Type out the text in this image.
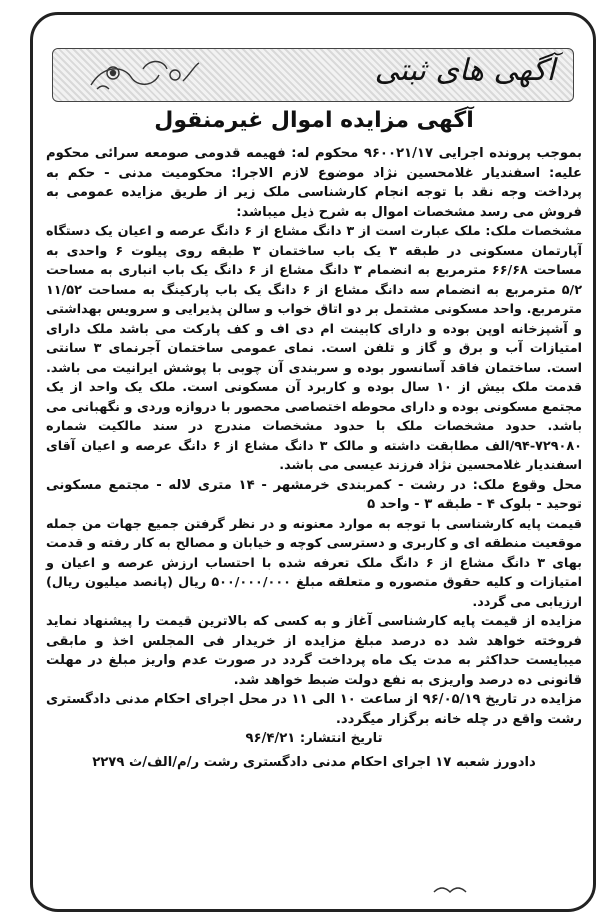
آگهی های ثبتی
آگهی مزایده اموال غیرمنقول

بموجب پرونده اجرایی ۹۶۰۰۲۱/۱۷ محکوم له: فهیمه قدومی صومعه سرائی محکوم علیه: اسفندیار غلامحسین نژاد موضوع لازم الاجرا: محکومیت مدنی - حکم به پرداخت وجه نقد با توجه انجام کارشناسی ملک زیر از طریق مزایده عمومی به فروش می رسد مشخصات اموال به شرح ذیل میباشد:

مشخصات ملک: ملک عبارت است از ۳ دانگ مشاع از ۶ دانگ عرصه و اعیان یک دستگاه آپارتمان مسکونی در طبقه ۳ یک باب ساختمان ۳ طبقه روی پیلوت ۶ واحدی به مساحت ۶۶/۶۸ مترمربع به انضمام ۳ دانگ مشاع از ۶ دانگ یک باب انباری به مساحت ۵/۲ مترمربع به انضمام سه دانگ مشاع از ۶ دانگ یک باب پارکینگ به مساحت ۱۱/۵۲ مترمربع. واحد مسکونی مشتمل بر دو اتاق خواب و سالن پذیرایی و سرویس بهداشتی و آشپزخانه اوپن بوده و دارای کابینت ام دی اف و کف پارکت می باشد ملک دارای امتیازات آب و برق و گاز و تلفن است. نمای عمومی ساختمان آجرنمای ۳ سانتی است. ساختمان فاقد آسانسور بوده و سربندی آن چوبی با پوشش ایرانیت می باشد. قدمت ملک بیش از ۱۰ سال بوده و کاربرد آن مسکونی است. ملک یک واحد از یک مجتمع مسکونی بوده و دارای محوطه اختصاصی محصور با دروازه وردی و نگهبانی می باشد. حدود مشخصات ملک با حدود مشخصات مندرج در سند مالکیت شماره ۷۲۹۰۸۰-۹۴/الف مطابقت داشته و مالک ۳ دانگ مشاع از ۶ دانگ عرصه و اعیان آقای اسفندیار غلامحسین نژاد فرزند عیسی می باشد.

محل وقوع ملک: در رشت - کمربندی خرمشهر - ۱۴ متری لاله - مجتمع مسکونی توحید - بلوک ۴ - طبقه ۳ - واحد ۵

قیمت پایه کارشناسی با توجه به موارد معنونه و در نظر گرفتن جمیع جهات من جمله موقعیت منطقه ای و کاربری و دسترسی کوچه و خیابان و مصالح به کار رفته و قدمت بهای ۳ دانگ مشاع از ۶ دانگ ملک تعرفه شده با احتساب ارزش عرصه و اعیان و امتیازات و کلیه حقوق متصوره و متعلقه مبلغ ۵۰۰/۰۰۰/۰۰۰ ریال (پانصد میلیون ریال) ارزیابی می گردد.

مزایده از قیمت پایه کارشناسی آغاز و به کسی که بالاترین قیمت را پیشنهاد نماید فروخته خواهد شد ده درصد مبلغ مزایده از خریدار فی المجلس اخذ و مابقی میبایست حداکثر به مدت یک ماه پرداخت گردد در صورت عدم واریز مبلغ در مهلت قانونی ده درصد واریزی به نفع دولت ضبط خواهد شد.

مزایده در تاریخ ۹۶/۰۵/۱۹ از ساعت ۱۰ الی ۱۱ در محل اجرای احکام مدنی دادگستری رشت واقع در چله خانه برگزار میگردد.

تاریخ انتشار: ۹۶/۴/۲۱
دادورز شعبه ۱۷ اجرای احکام مدنی دادگستری رشت ر/م/الف/ث ۲۲۷۹
